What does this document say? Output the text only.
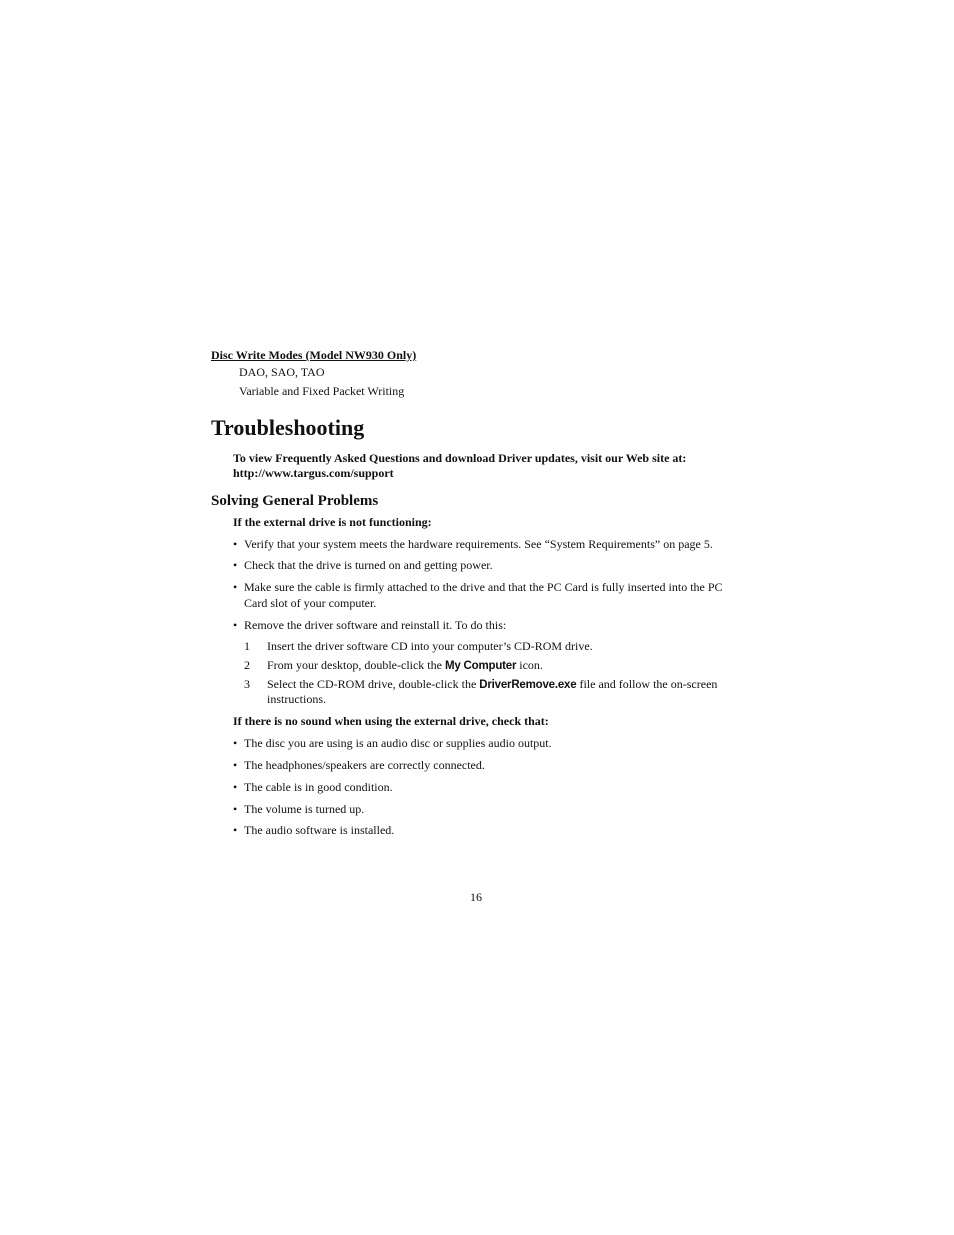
Disc Write Modes (Model NW930 Only)
DAO, SAO, TAO
Variable and Fixed Packet Writing
Troubleshooting
To view Frequently Asked Questions and download Driver updates, visit our Web site at:
http://www.targus.com/support
Solving General Problems
If the external drive is not functioning:
• Verify that your system meets the hardware requirements. See “System Requirements” on page 5.
• Check that the drive is turned on and getting power.
• Make sure the cable is firmly attached to the drive and that the PC Card is fully inserted into the PC
Card slot of your computer.
• Remove the driver software and reinstall it. To do this:
1 Insert the driver software CD into your computer’s CD-ROM drive.
2 From your desktop, double-click the My Computer icon.
3 Select the CD-ROM drive, double-click the DriverRemove.exe file and follow the on-screen
instructions.
If there is no sound when using the external drive, check that:
• The disc you are using is an audio disc or supplies audio output.
• The headphones/speakers are correctly connected.
• The cable is in good condition.
• The volume is turned up.
• The audio software is installed.
16
